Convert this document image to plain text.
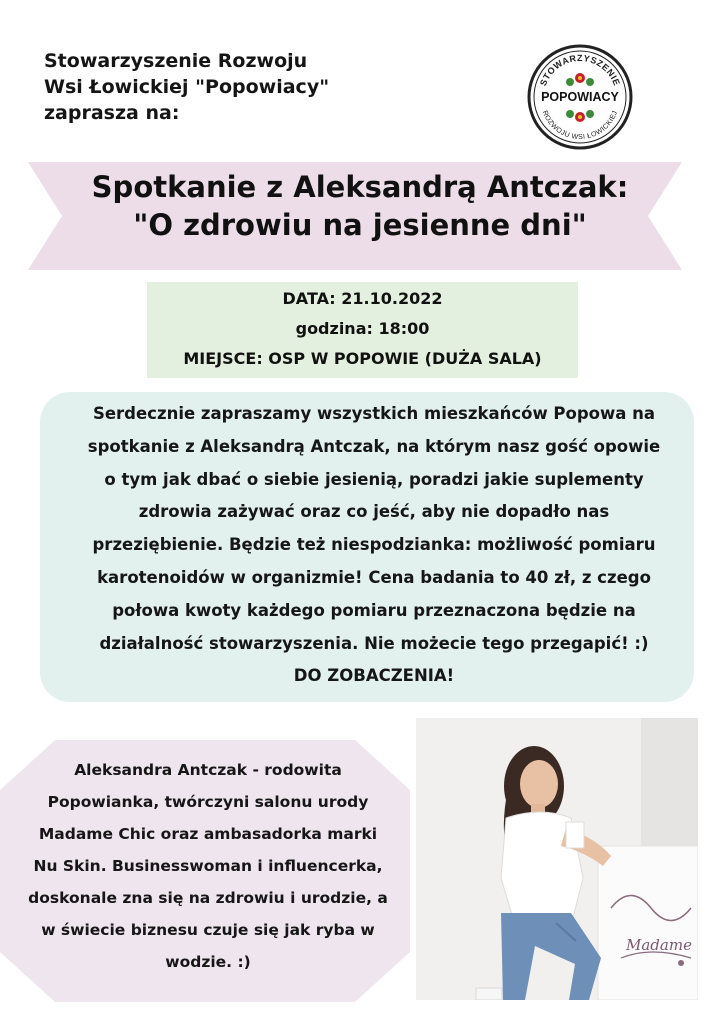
Stowarzyszenie Rozwoju
Wsi Łowickiej "Popowiacy"
zaprasza na:
STOWARZYSZENIE
ROZWOJU WSI ŁOWICKIEJ
POPOWIACY
Spotkanie z Aleksandrą Antczak:
"O zdrowiu na jesienne dni"
DATA: 21.10.2022
godzina: 18:00
MIEJSCE: OSP W POPOWIE (DUŻA SALA)
Serdecznie zapraszamy wszystkich mieszkańców Popowa na
spotkanie z Aleksandrą Antczak, na którym nasz gość opowie
o tym jak dbać o siebie jesienią, poradzi jakie suplementy
zdrowia zażywać oraz co jeść, aby nie dopadło nas
przeziębienie. Będzie też niespodzianka: możliwość pomiaru
karotenoidów w organizmie! Cena badania to 40 zł, z czego
połowa kwoty każdego pomiaru przeznaczona będzie na
działalność stowarzyszenia. Nie możecie tego przegapić! :)
DO ZOBACZENIA!
Aleksandra Antczak - rodowita
Popowianka, twórczyni salonu urody
Madame Chic oraz ambasadorka marki
Nu Skin. Businesswoman i influencerka,
doskonale zna się na zdrowiu i urodzie, a
w świecie biznesu czuje się jak ryba w
wodzie. :)
Madame
